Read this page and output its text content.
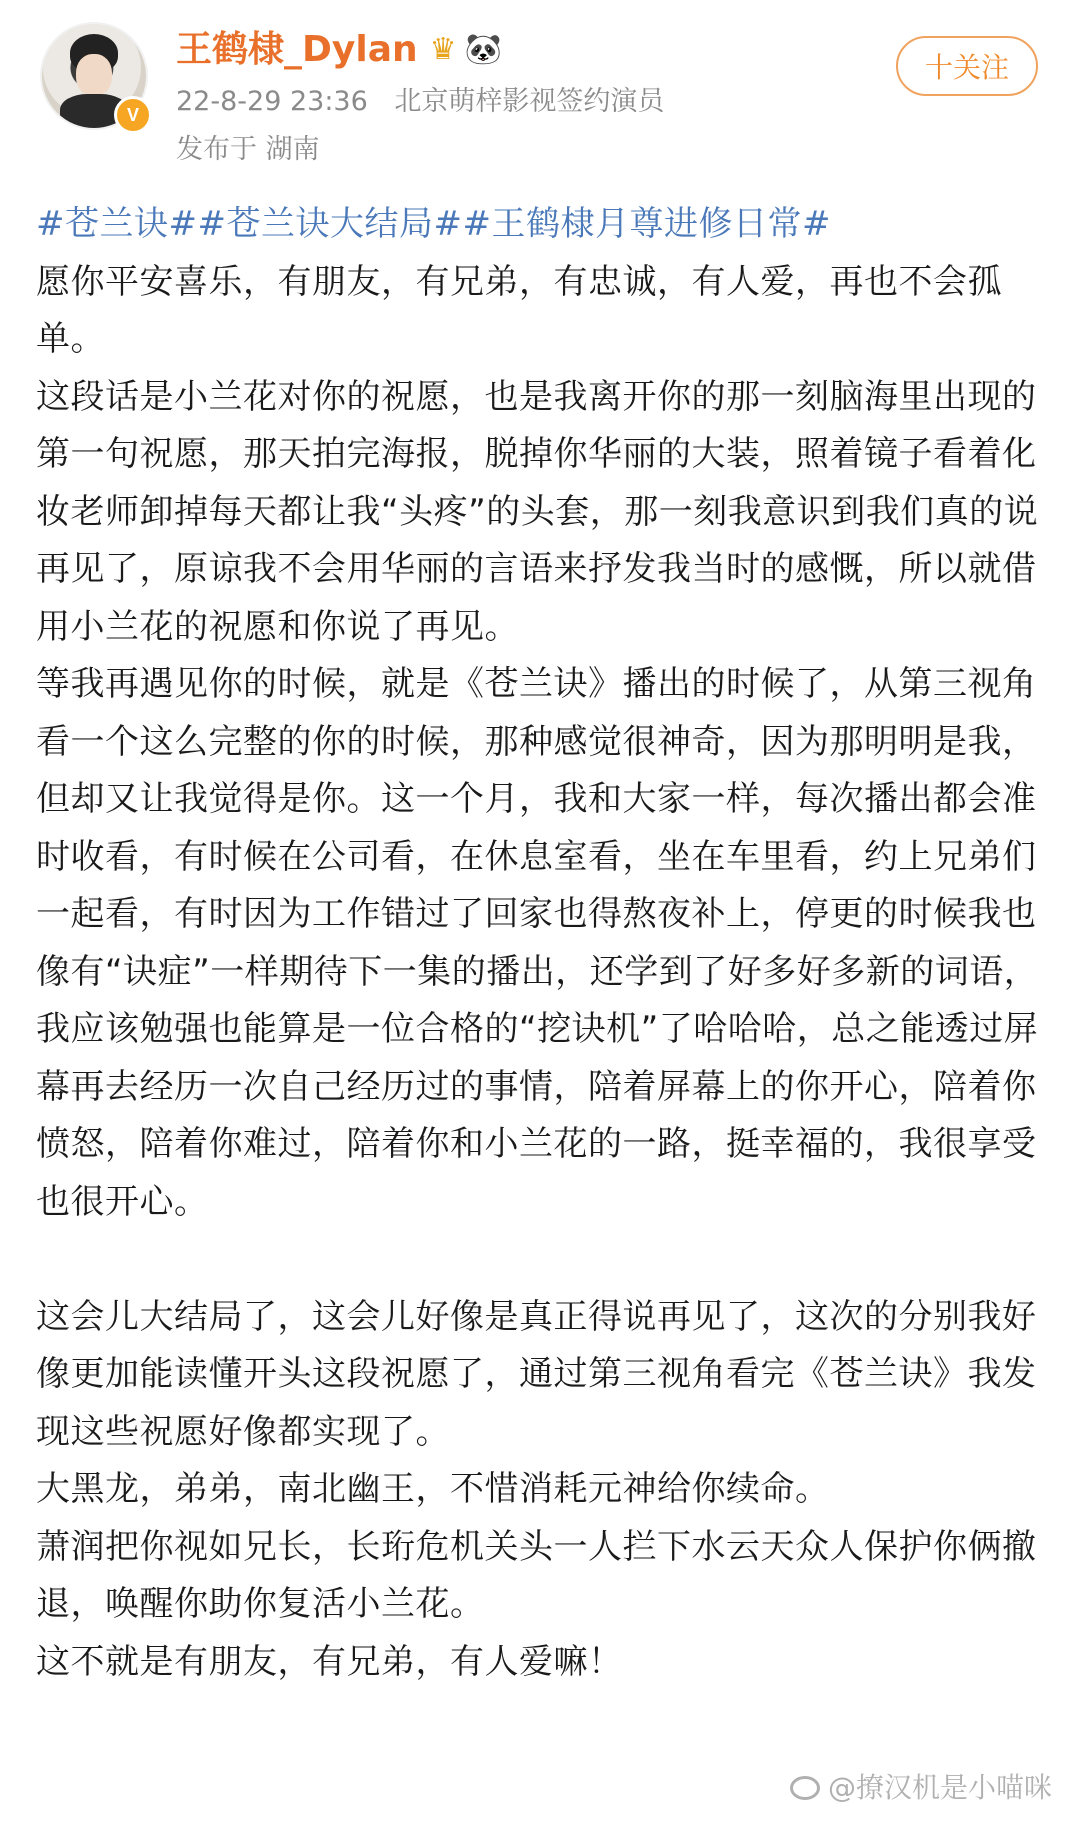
V
王鹤棣_Dylan ♛ 🐼
22-8-29 23:36 北京萌梓影视签约演员
发布于 湖南
十关注

#苍兰诀##苍兰诀大结局##王鹤棣月尊进修日常#

愿你平安喜乐，有朋友，有兄弟，有忠诚，有人爱，再也不会孤单。

这段话是小兰花对你的祝愿，也是我离开你的那一刻脑海里出现的第一句祝愿，那天拍完海报，脱掉你华丽的大装，照着镜子看着化妆老师卸掉每天都让我“头疼”的头套，那一刻我意识到我们真的说再见了，原谅我不会用华丽的言语来抒发我当时的感慨，所以就借用小兰花的祝愿和你说了再见。

等我再遇见你的时候，就是《苍兰诀》播出的时候了，从第三视角看一个这么完整的你的时候，那种感觉很神奇，因为那明明是我，但却又让我觉得是你。这一个月，我和大家一样，每次播出都会准时收看，有时候在公司看，在休息室看，坐在车里看，约上兄弟们一起看，有时因为工作错过了回家也得熬夜补上，停更的时候我也像有“诀症”一样期待下一集的播出，还学到了好多好多新的词语，我应该勉强也能算是一位合格的“挖诀机”了哈哈哈，总之能透过屏幕再去经历一次自己经历过的事情，陪着屏幕上的你开心，陪着你愤怒，陪着你难过，陪着你和小兰花的一路，挺幸福的，我很享受也很开心。

这会儿大结局了，这会儿好像是真正得说再见了，这次的分别我好像更加能读懂开头这段祝愿了，通过第三视角看完《苍兰诀》我发现这些祝愿好像都实现了。

大黑龙，弟弟，南北幽王，不惜消耗元神给你续命。

萧润把你视如兄长，长珩危机关头一人拦下水云天众人保护你俩撤退，唤醒你助你复活小兰花。

这不就是有朋友，有兄弟，有人爱嘛！

@撩汉机是小喵咪
